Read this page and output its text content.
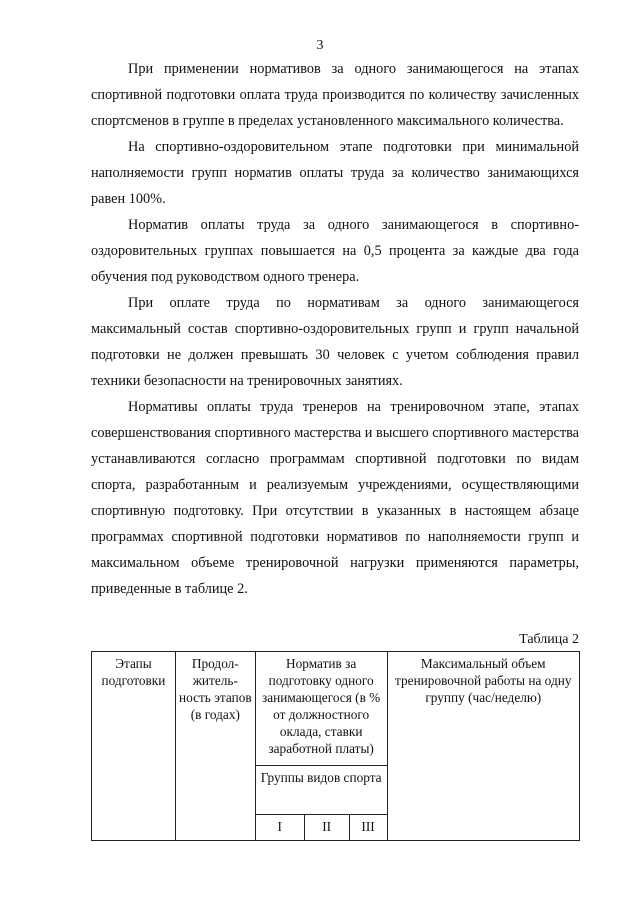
3

При применении нормативов за одного занимающегося на этапах спортивной подготовки оплата труда производится по количеству зачисленных спортсменов в группе в пределах установленного максимального количества.

На спортивно-оздоровительном этапе подготовки при минимальной наполняемости групп норматив оплаты труда за количество занимающихся равен 100%.

Норматив оплаты труда за одного занимающегося в спортивно-оздоровительных группах повышается на 0,5 процента за каждые два года обучения под руководством одного тренера.

При оплате труда по нормативам за одного занимающегося максимальный состав спортивно-оздоровительных групп и групп начальной подготовки не должен превышать 30 человек с учетом соблюдения правил техники безопасности на тренировочных занятиях.

Нормативы оплаты труда тренеров на тренировочном этапе, этапах совершенствования спортивного мастерства и высшего спортивного мастерства устанавливаются согласно программам спортивной подготовки по видам спорта, разработанным и реализуемым учреждениями, осуществляющими спортивную подготовку. При отсутствии в указанных в настоящем абзаце программах спортивной подготовки нормативов по наполняемости групп и максимальном объеме тренировочной нагрузки применяются параметры, приведенные в таблице 2.

Таблица 2
Этапы подготовки	Продол-житель-ность этапов (в годах)	Норматив за подготовку одного занимающегося (в % от должностного оклада, ставки заработной платы)			Максимальный объем тренировочной работы на одну группу (час/неделю)
		Группы видов спорта			
		I	II	III	
